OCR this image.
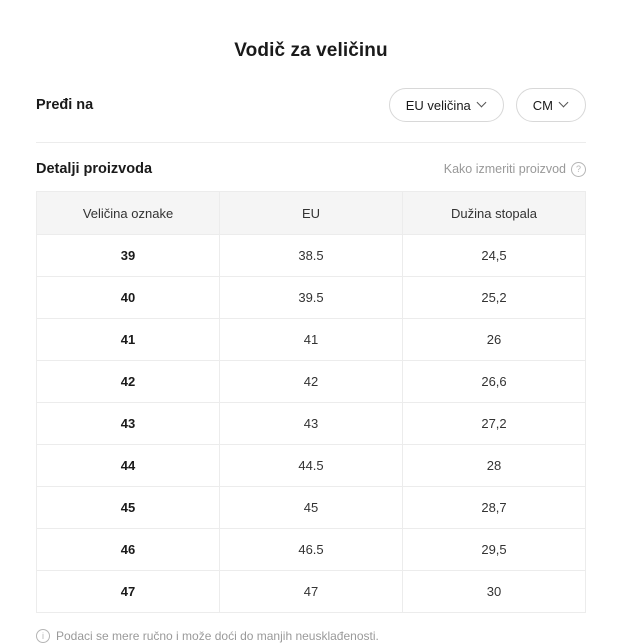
Vodič za veličinu
Pređi na	EU veličina	CM
Detalji proizvoda	Kako izmeriti proizvod	?
Veličina oznake	EU	Dužina stopala
39	38.5	24,5
40	39.5	25,2
41	41	26
42	42	26,6
43	43	27,2
44	44.5	28
45	45	28,7
46	46.5	29,5
47	47	30
i	Podaci se mere ručno i može doći do manjih neusklađenosti.
